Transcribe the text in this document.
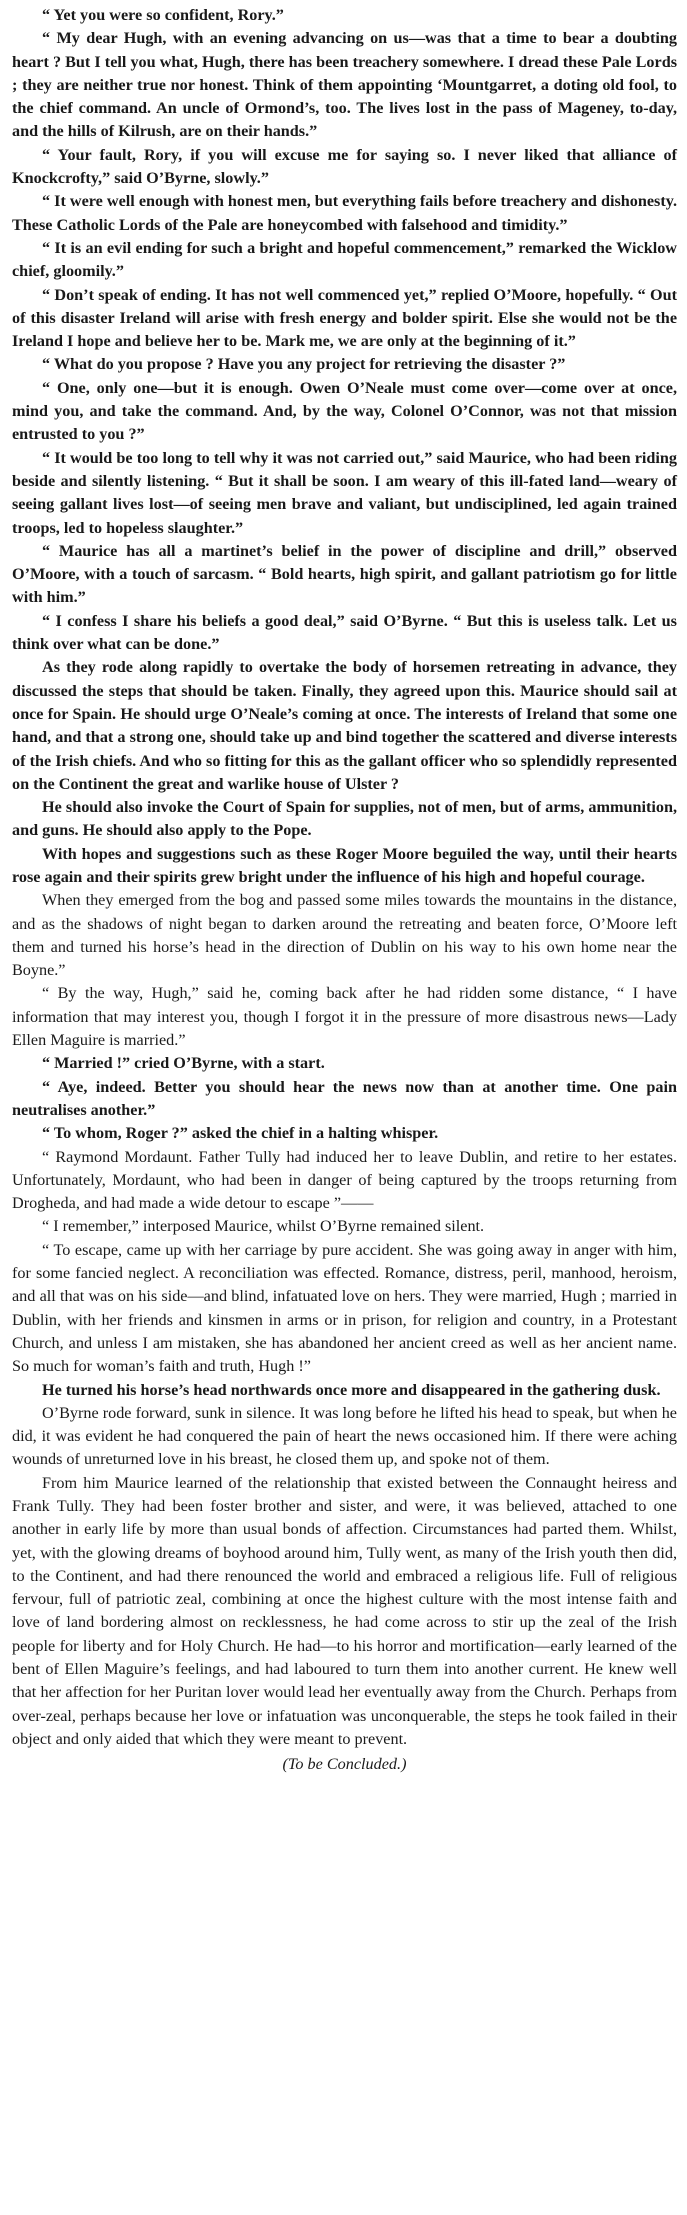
“ Yet you were so confident, Rory.”

“ My dear Hugh, with an evening advancing on us—was that a time to bear a doubting heart ? But I tell you what, Hugh, there has been treachery somewhere. I dread these Pale Lords ; they are neither true nor honest. Think of them appointing ‘Mountgarret, a doting old fool, to the chief command. An uncle of Ormond’s, too. The lives lost in the pass of Mageney, to-day, and the hills of Kilrush, are on their hands.”

“ Your fault, Rory, if you will excuse me for saying so. I never liked that alliance of Knockcrofty,” said O’Byrne, slowly.”

“ It were well enough with honest men, but everything fails before treachery and dishonesty. These Catholic Lords of the Pale are honeycombed with falsehood and timidity.”

“ It is an evil ending for such a bright and hopeful commencement,” remarked the Wicklow chief, gloomily.”

“ Don’t speak of ending. It has not well commenced yet,” replied O’Moore, hopefully. “ Out of this disaster Ireland will arise with fresh energy and bolder spirit. Else she would not be the Ireland I hope and believe her to be. Mark me, we are only at the beginning of it.”

“ What do you propose ? Have you any project for retrieving the disaster ?”

“ One, only one—but it is enough. Owen O’Neale must come over—come over at once, mind you, and take the command. And, by the way, Colonel O’Connor, was not that mission entrusted to you ?”

“ It would be too long to tell why it was not carried out,” said Maurice, who had been riding beside and silently listening. “ But it shall be soon. I am weary of this ill-fated land—weary of seeing gallant lives lost—of seeing men brave and valiant, but undisciplined, led again trained troops, led to hopeless slaughter.”

“ Maurice has all a martinet’s belief in the power of discipline and drill,” observed O’Moore, with a touch of sarcasm. “ Bold hearts, high spirit, and gallant patriotism go for little with him.”

“ I confess I share his beliefs a good deal,” said O’Byrne. “ But this is useless talk. Let us think over what can be done.”

As they rode along rapidly to overtake the body of horsemen retreating in advance, they discussed the steps that should be taken. Finally, they agreed upon this. Maurice should sail at once for Spain. He should urge O’Neale’s coming at once. The interests of Ireland that some one hand, and that a strong one, should take up and bind together the scattered and diverse interests of the Irish chiefs. And who so fitting for this as the gallant officer who so splendidly represented on the Continent the great and warlike house of Ulster ?

He should also invoke the Court of Spain for supplies, not of men, but of arms, ammunition, and guns. He should also apply to the Pope.

With hopes and suggestions such as these Roger Moore beguiled the way, until their hearts rose again and their spirits grew bright under the influence of his high and hopeful courage.

When they emerged from the bog and passed some miles towards the mountains in the distance, and as the shadows of night began to darken around the retreating and beaten force, O’Moore left them and turned his horse’s head in the direction of Dublin on his way to his own home near the Boyne.”

“ By the way, Hugh,” said he, coming back after he had ridden some distance, “ I have information that may interest you, though I forgot it in the pressure of more disastrous news—Lady Ellen Maguire is married.”

“ Married !” cried O’Byrne, with a start.

“ Aye, indeed. Better you should hear the news now than at another time. One pain neutralises another.”

“ To whom, Roger ?” asked the chief in a halting whisper.

“ Raymond Mordaunt. Father Tully had induced her to leave Dublin, and retire to her estates. Unfortunately, Mordaunt, who had been in danger of being captured by the troops returning from Drogheda, and had made a wide detour to escape ”——

“ I remember,” interposed Maurice, whilst O’Byrne remained silent.

“ To escape, came up with her carriage by pure accident. She was going away in anger with him, for some fancied neglect. A reconciliation was effected. Romance, distress, peril, manhood, heroism, and all that was on his side—and blind, infatuated love on hers. They were married, Hugh ; married in Dublin, with her friends and kinsmen in arms or in prison, for religion and country, in a Protestant Church, and unless I am mistaken, she has abandoned her ancient creed as well as her ancient name. So much for woman’s faith and truth, Hugh !”

He turned his horse’s head northwards once more and disappeared in the gathering dusk.

O’Byrne rode forward, sunk in silence. It was long before he lifted his head to speak, but when he did, it was evident he had conquered the pain of heart the news occasioned him. If there were aching wounds of unreturned love in his breast, he closed them up, and spoke not of them.

From him Maurice learned of the relationship that existed between the Connaught heiress and Frank Tully. They had been foster brother and sister, and were, it was believed, attached to one another in early life by more than usual bonds of affection. Circumstances had parted them. Whilst, yet, with the glowing dreams of boyhood around him, Tully went, as many of the Irish youth then did, to the Continent, and had there renounced the world and embraced a religious life. Full of religious fervour, full of patriotic zeal, combining at once the highest culture with the most intense faith and love of land bordering almost on recklessness, he had come across to stir up the zeal of the Irish people for liberty and for Holy Church. He had—to his horror and mortification—early learned of the bent of Ellen Maguire’s feelings, and had laboured to turn them into another current. He knew well that her affection for her Puritan lover would lead her eventually away from the Church. Perhaps from over-zeal, perhaps because her love or infatuation was unconquerable, the steps he took failed in their object and only aided that which they were meant to prevent.

(To be Concluded.)
